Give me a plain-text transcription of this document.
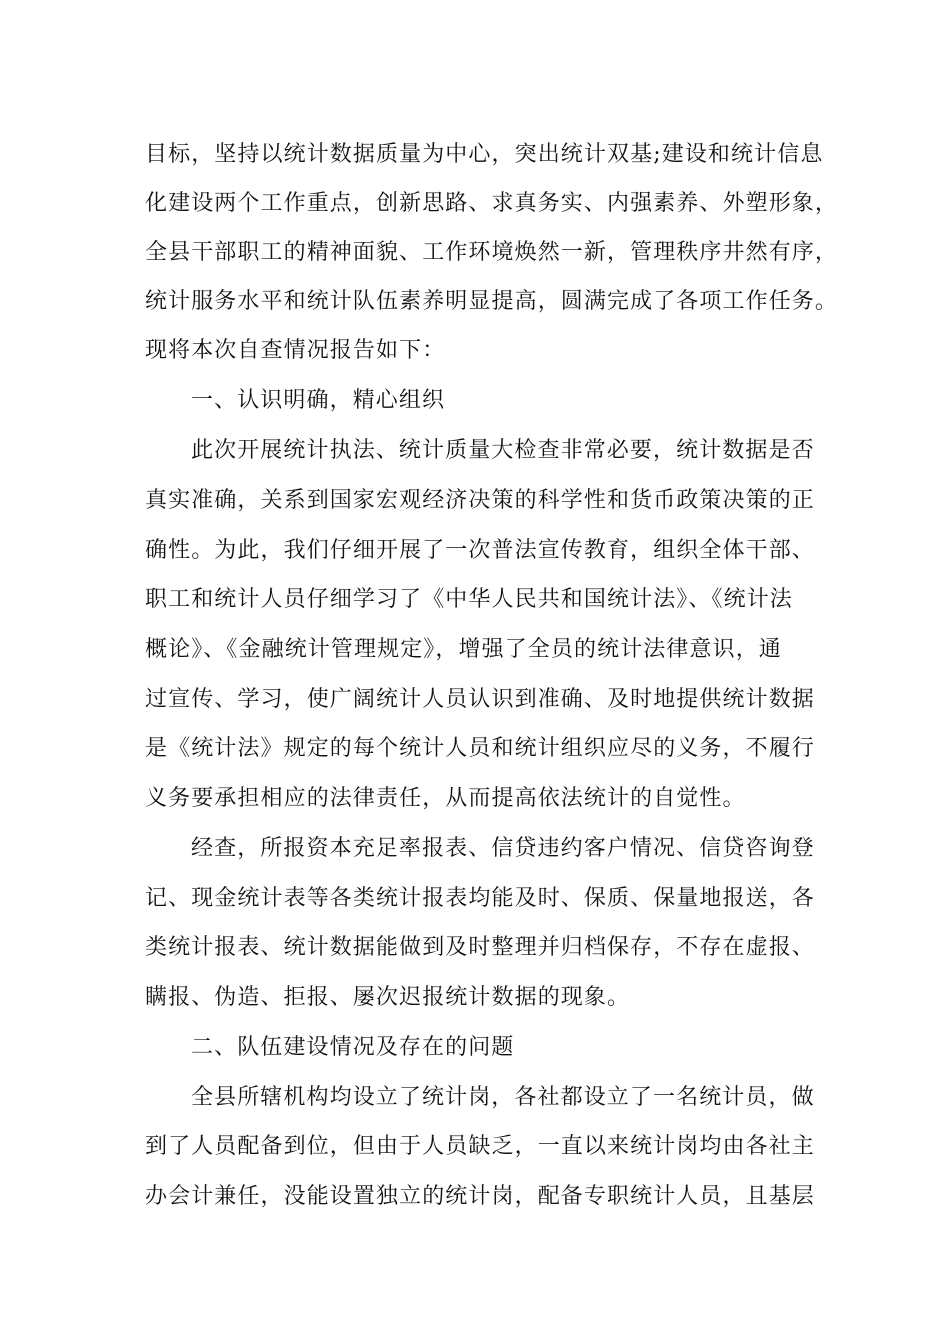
目标，坚持以统计数据质量为中心，突出统计双基;建设和统计信息
化建设两个工作重点，创新思路、求真务实、内强素养、外塑形象，
全县干部职工的精神面貌、工作环境焕然一新，管理秩序井然有序，
统计服务水平和统计队伍素养明显提高，圆满完成了各项工作任务。
现将本次自查情况报告如下：
一、认识明确，精心组织
此次开展统计执法、统计质量大检查非常必要，统计数据是否
真实准确，关系到国家宏观经济决策的科学性和货币政策决策的正
确性。为此，我们仔细开展了一次普法宣传教育，组织全体干部、
职工和统计人员仔细学习了《中华人民共和国统计法》、《统计法
概论》、《金融统计管理规定》，增强了全员的统计法律意识，通
过宣传、学习，使广阔统计人员认识到准确、及时地提供统计数据
是《统计法》规定的每个统计人员和统计组织应尽的义务，不履行
义务要承担相应的法律责任，从而提高依法统计的自觉性。
经查，所报资本充足率报表、信贷违约客户情况、信贷咨询登
记、现金统计表等各类统计报表均能及时、保质、保量地报送，各
类统计报表、统计数据能做到及时整理并归档保存，不存在虚报、
瞒报、伪造、拒报、屡次迟报统计数据的现象。
二、队伍建设情况及存在的问题
全县所辖机构均设立了统计岗，各社都设立了一名统计员，做
到了人员配备到位，但由于人员缺乏，一直以来统计岗均由各社主
办会计兼任，没能设置独立的统计岗，配备专职统计人员，且基层
